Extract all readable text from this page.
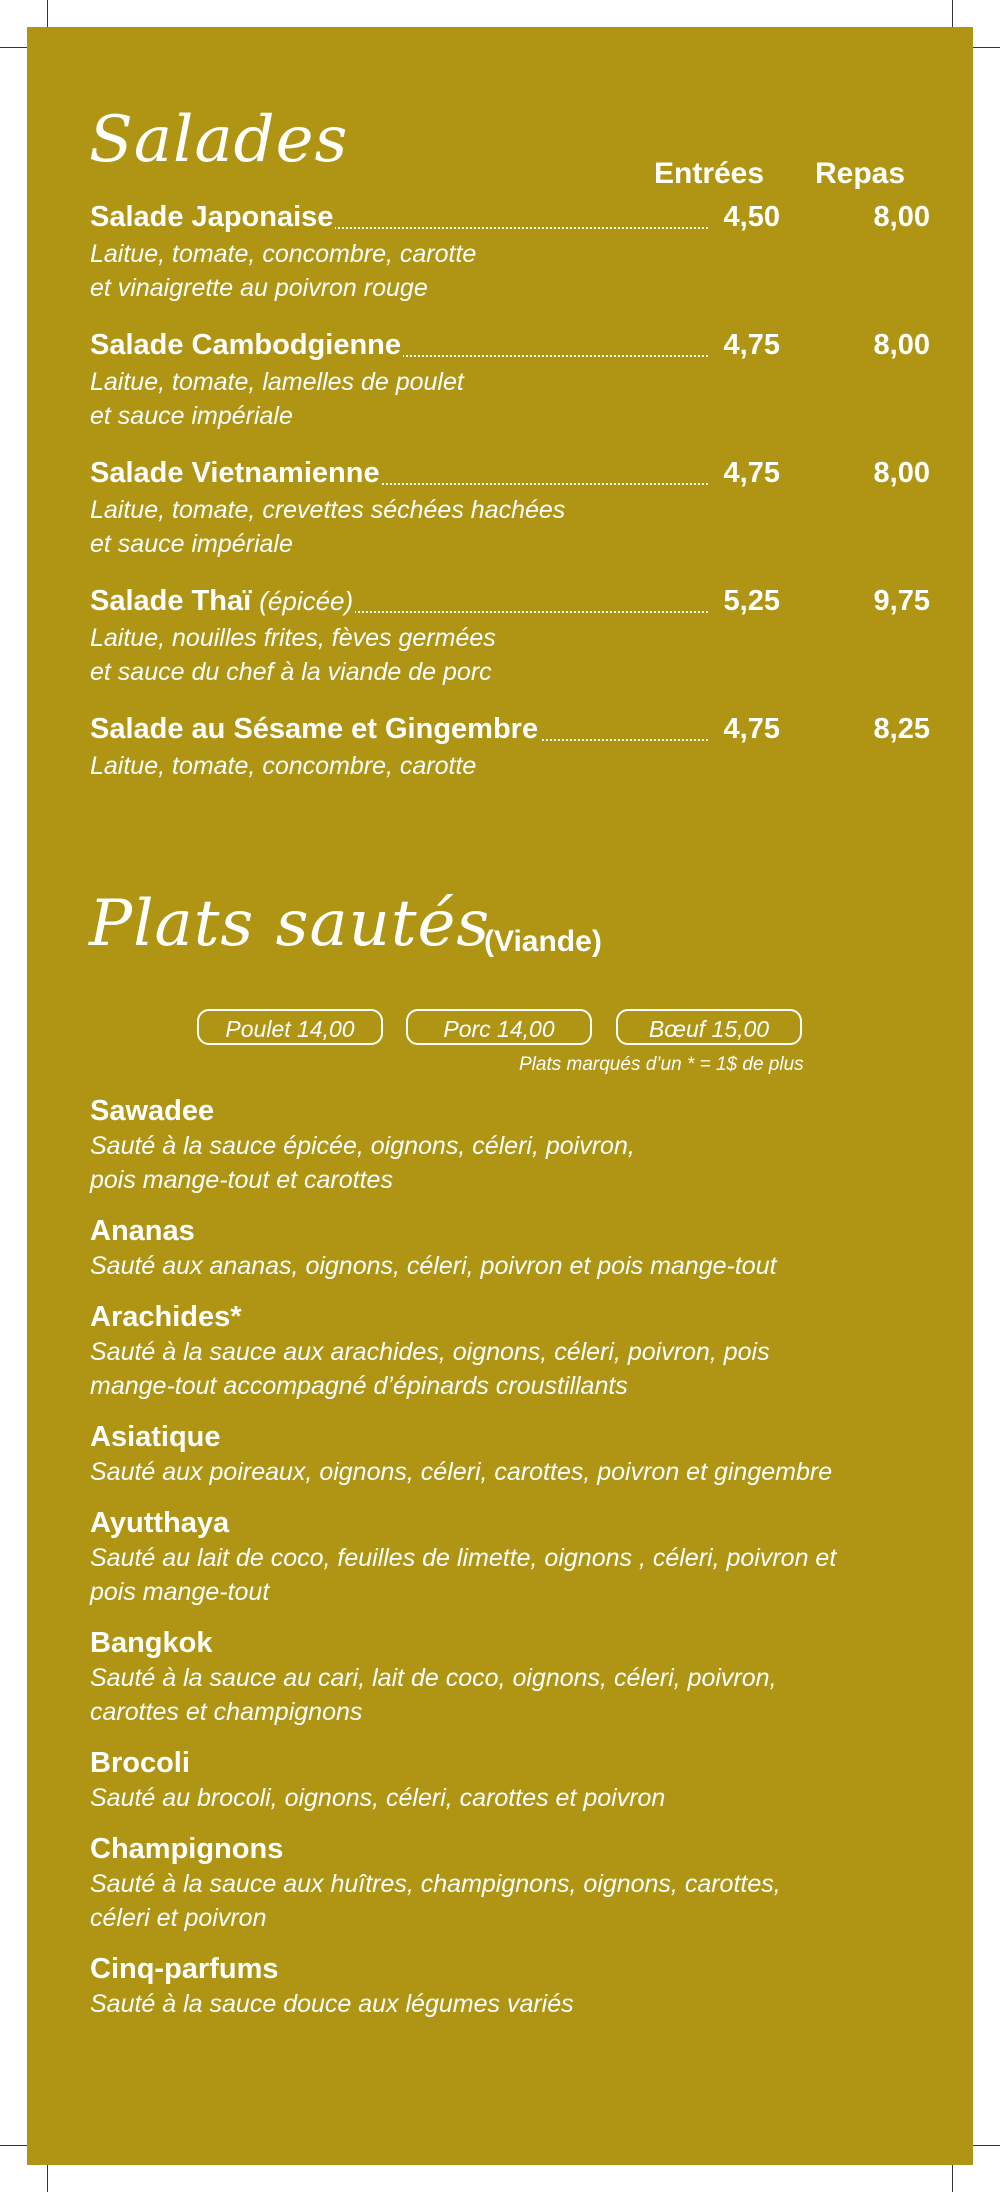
Salades	Entrées Repas
Salade Japonaise	4,50	8,00
Laitue, tomate, concombre, carotte
et vinaigrette au poivron rouge
Salade Cambodgienne	4,75	8,00
Laitue, tomate, lamelles de poulet
et sauce impériale
Salade Vietnamienne	4,75	8,00
Laitue, tomate, crevettes séchées hachées
et sauce impériale
Salade Thaï (épicée)	5,25	9,75
Laitue, nouilles frites, fèves germées
et sauce du chef à la viande de porc
Salade au Sésame et Gingembre	4,75	8,25
Laitue, tomate, concombre, carotte
Plats sautés
(Viande)
Poulet 14,00	Porc 14,00	Bœuf 15,00
Plats marqués d’un * = 1$ de plus
Sawadee
Sauté à la sauce épicée, oignons, céleri, poivron,
pois mange-tout et carottes
Ananas
Sauté aux ananas, oignons, céleri, poivron et pois mange-tout
Arachides*
Sauté à la sauce aux arachides, oignons, céleri, poivron, pois
mange-tout accompagné d’épinards croustillants
Asiatique
Sauté aux poireaux, oignons, céleri, carottes, poivron et gingembre
Ayutthaya
Sauté au lait de coco, feuilles de limette, oignons , céleri, poivron et
pois mange-tout
Bangkok
Sauté à la sauce au cari, lait de coco, oignons, céleri, poivron,
carottes et champignons
Brocoli
Sauté au brocoli, oignons, céleri, carottes et poivron
Champignons
Sauté à la sauce aux huîtres, champignons, oignons, carottes,
céleri et poivron
Cinq-parfums
Sauté à la sauce douce aux légumes variés
